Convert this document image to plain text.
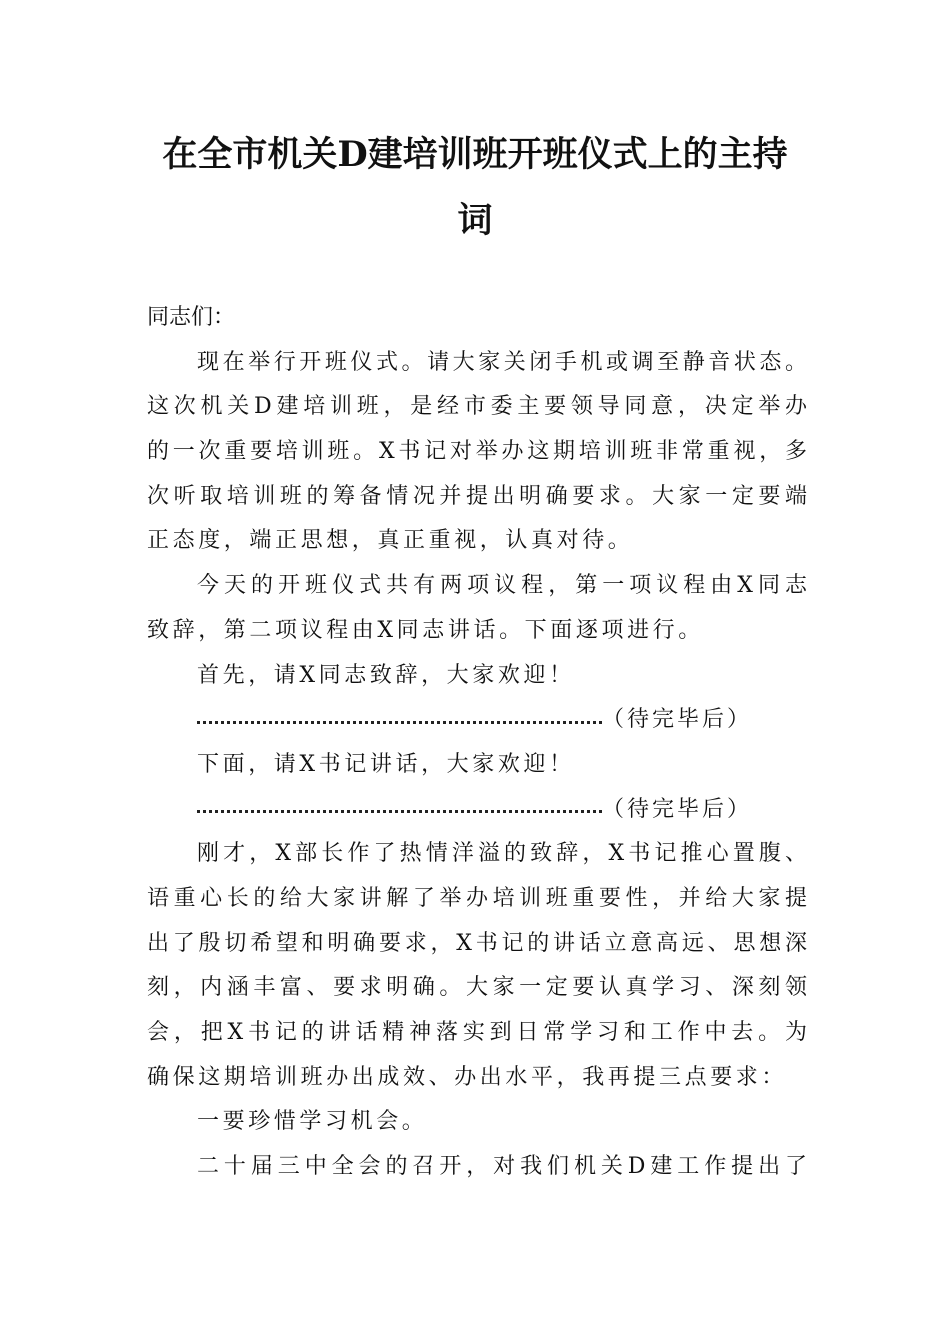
在全市机关D建培训班开班仪式上的主持
词
同志们：
现在举行开班仪式。请大家关闭手机或调至静音状态。
这次机关D建培训班，是经市委主要领导同意，决定举办
的一次重要培训班。X书记对举办这期培训班非常重视，多
次听取培训班的筹备情况并提出明确要求。大家一定要端
正态度，端正思想，真正重视，认真对待。
今天的开班仪式共有两项议程，第一项议程由X同志
致辞，第二项议程由X同志讲话。下面逐项进行。
首先，请X同志致辞，大家欢迎！
（待完毕后）
下面，请X书记讲话，大家欢迎！
（待完毕后）
刚才，X部长作了热情洋溢的致辞，X书记推心置腹、
语重心长的给大家讲解了举办培训班重要性，并给大家提
出了殷切希望和明确要求，X书记的讲话立意高远、思想深
刻，内涵丰富、要求明确。大家一定要认真学习、深刻领
会，把X书记的讲话精神落实到日常学习和工作中去。为
确保这期培训班办出成效、办出水平，我再提三点要求：
一要珍惜学习机会。
二十届三中全会的召开，对我们机关D建工作提出了
